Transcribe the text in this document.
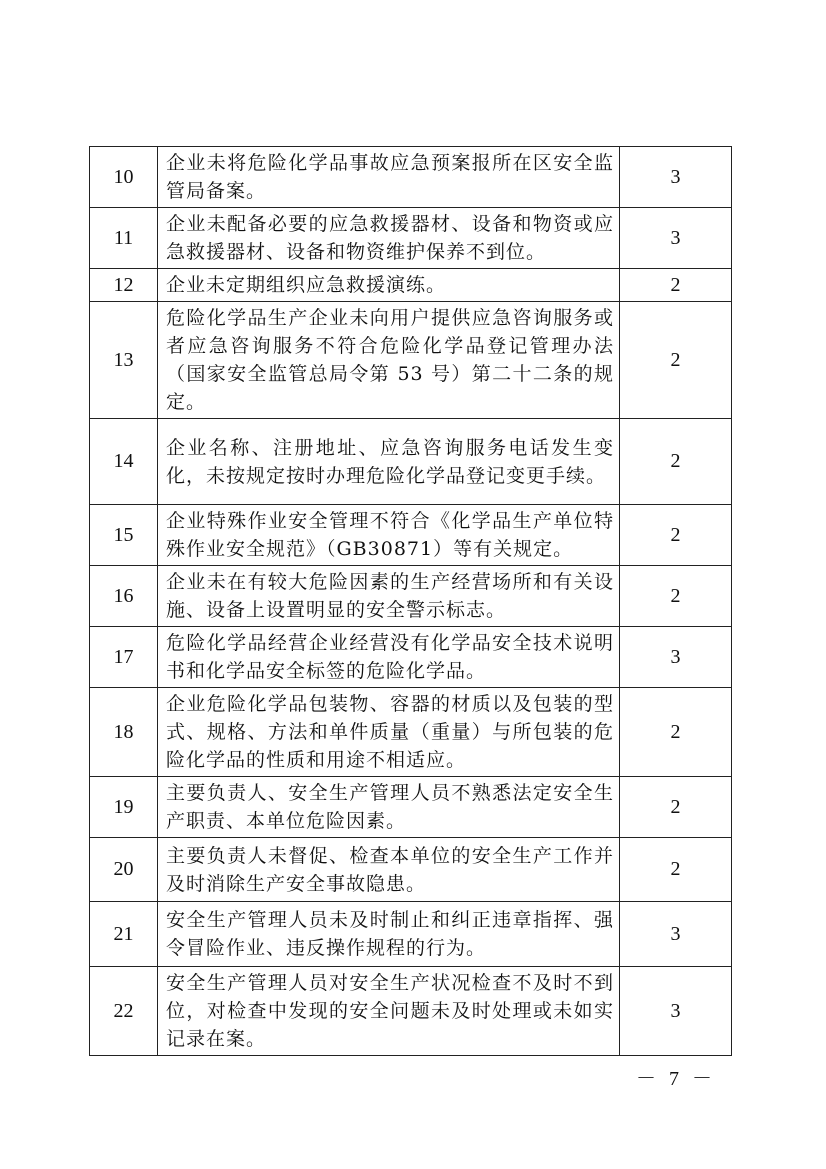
10	企业未将危险化学品事故应急预案报所在区安全监管局备案。	3
11	企业未配备必要的应急救援器材、设备和物资或应急救援器材、设备和物资维护保养不到位。	3
12	企业未定期组织应急救援演练。	2
13	危险化学品生产企业未向用户提供应急咨询服务或者应急咨询服务不符合危险化学品登记管理办法（国家安全监管总局令第 53 号）第二十二条的规定。	2
14	企业名称、注册地址、应急咨询服务电话发生变化，未按规定按时办理危险化学品登记变更手续。	2
15	企业特殊作业安全管理不符合《化学品生产单位特殊作业安全规范》（GB30871）等有关规定。	2
16	企业未在有较大危险因素的生产经营场所和有关设施、设备上设置明显的安全警示标志。	2
17	危险化学品经营企业经营没有化学品安全技术说明书和化学品安全标签的危险化学品。	3
18	企业危险化学品包装物、容器的材质以及包装的型式、规格、方法和单件质量（重量）与所包装的危险化学品的性质和用途不相适应。	2
19	主要负责人、安全生产管理人员不熟悉法定安全生产职责、本单位危险因素。	2
20	主要负责人未督促、检查本单位的安全生产工作并及时消除生产安全事故隐患。	2
21	安全生产管理人员未及时制止和纠正违章指挥、强令冒险作业、违反操作规程的行为。	3
22	安全生产管理人员对安全生产状况检查不及时不到位，对检查中发现的安全问题未及时处理或未如实记录在案。	3
－ 7 －
